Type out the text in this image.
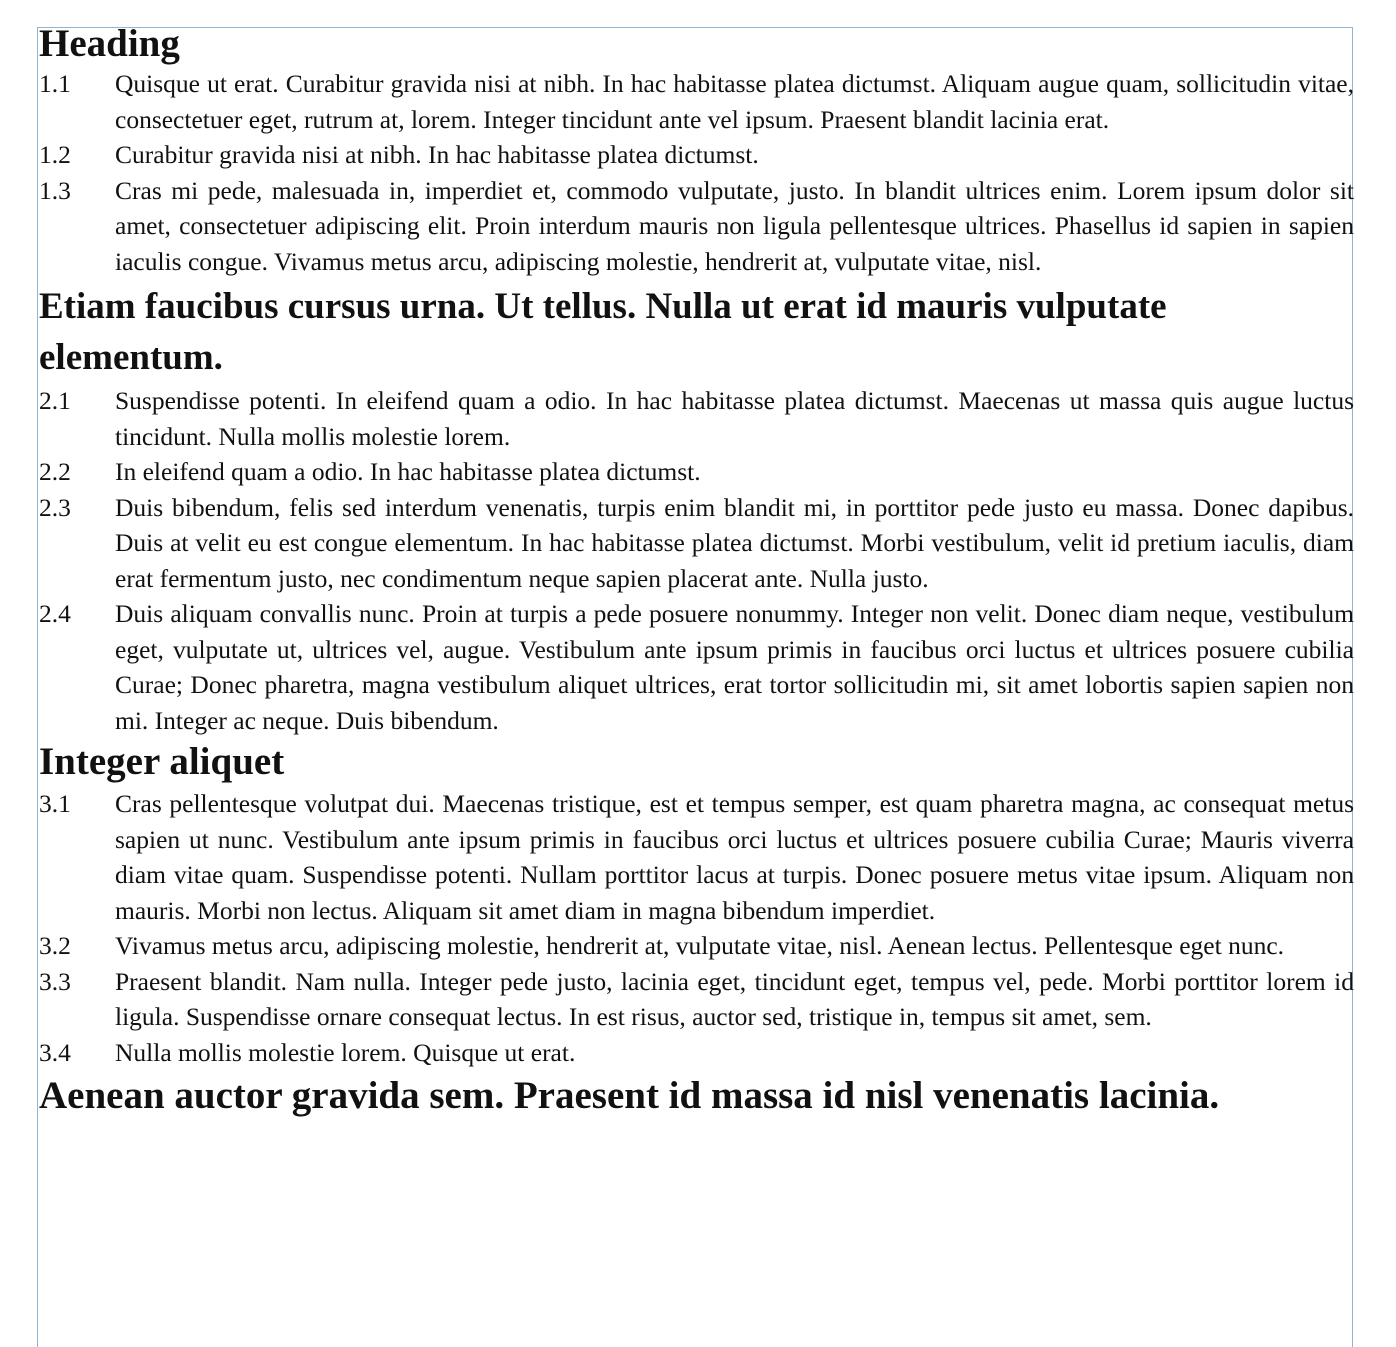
Heading
1.1	Quisque ut erat. Curabitur gravida nisi at nibh. In hac habitasse platea dictumst. Aliquam augue quam, sollicitudin vitae, consectetuer eget, rutrum at, lorem. Integer tincidunt ante vel ipsum. Praesent blandit lacinia erat.
1.2	Curabitur gravida nisi at nibh. In hac habitasse platea dictumst.
1.3	Cras mi pede, malesuada in, imperdiet et, commodo vulputate, justo. In blandit ultrices enim. Lorem ipsum dolor sit amet, consectetuer adipiscing elit. Proin interdum mauris non ligula pellentesque ultrices. Phasellus id sapien in sapien iaculis congue. Vivamus metus arcu, adipiscing molestie, hendrerit at, vulputate vitae, nisl.
Etiam faucibus cursus urna. Ut tellus. Nulla ut erat id mauris vulputate elementum.
2.1	Suspendisse potenti. In eleifend quam a odio. In hac habitasse platea dictumst. Maecenas ut massa quis augue luctus tincidunt. Nulla mollis molestie lorem.
2.2	In eleifend quam a odio. In hac habitasse platea dictumst.
2.3	Duis bibendum, felis sed interdum venenatis, turpis enim blandit mi, in porttitor pede justo eu massa. Donec dapibus. Duis at velit eu est congue elementum. In hac habitasse platea dictumst. Morbi vestibulum, velit id pretium iaculis, diam erat fermentum justo, nec condimentum neque sapien placerat ante. Nulla justo.
2.4	Duis aliquam convallis nunc. Proin at turpis a pede posuere nonummy. Integer non velit. Donec diam neque, vestibulum eget, vulputate ut, ultrices vel, augue. Vestibulum ante ipsum primis in faucibus orci luctus et ultrices posuere cubilia Curae; Donec pharetra, magna vestibulum aliquet ultrices, erat tortor sollicitudin mi, sit amet lobortis sapien sapien non mi. Integer ac neque. Duis bibendum.
Integer aliquet
3.1	Cras pellentesque volutpat dui. Maecenas tristique, est et tempus semper, est quam pharetra magna, ac consequat metus sapien ut nunc. Vestibulum ante ipsum primis in faucibus orci luctus et ultrices posuere cubilia Curae; Mauris viverra diam vitae quam. Suspendisse potenti. Nullam porttitor lacus at turpis. Donec posuere metus vitae ipsum. Aliquam non mauris. Morbi non lectus. Aliquam sit amet diam in magna bibendum imperdiet.
3.2	Vivamus metus arcu, adipiscing molestie, hendrerit at, vulputate vitae, nisl. Aenean lectus. Pellentesque eget nunc.
3.3	Praesent blandit. Nam nulla. Integer pede justo, lacinia eget, tincidunt eget, tempus vel, pede. Morbi porttitor lorem id ligula. Suspendisse ornare consequat lectus. In est risus, auctor sed, tristique in, tempus sit amet, sem.
3.4	Nulla mollis molestie lorem. Quisque ut erat.
Aenean auctor gravida sem. Praesent id massa id nisl venenatis lacinia.
